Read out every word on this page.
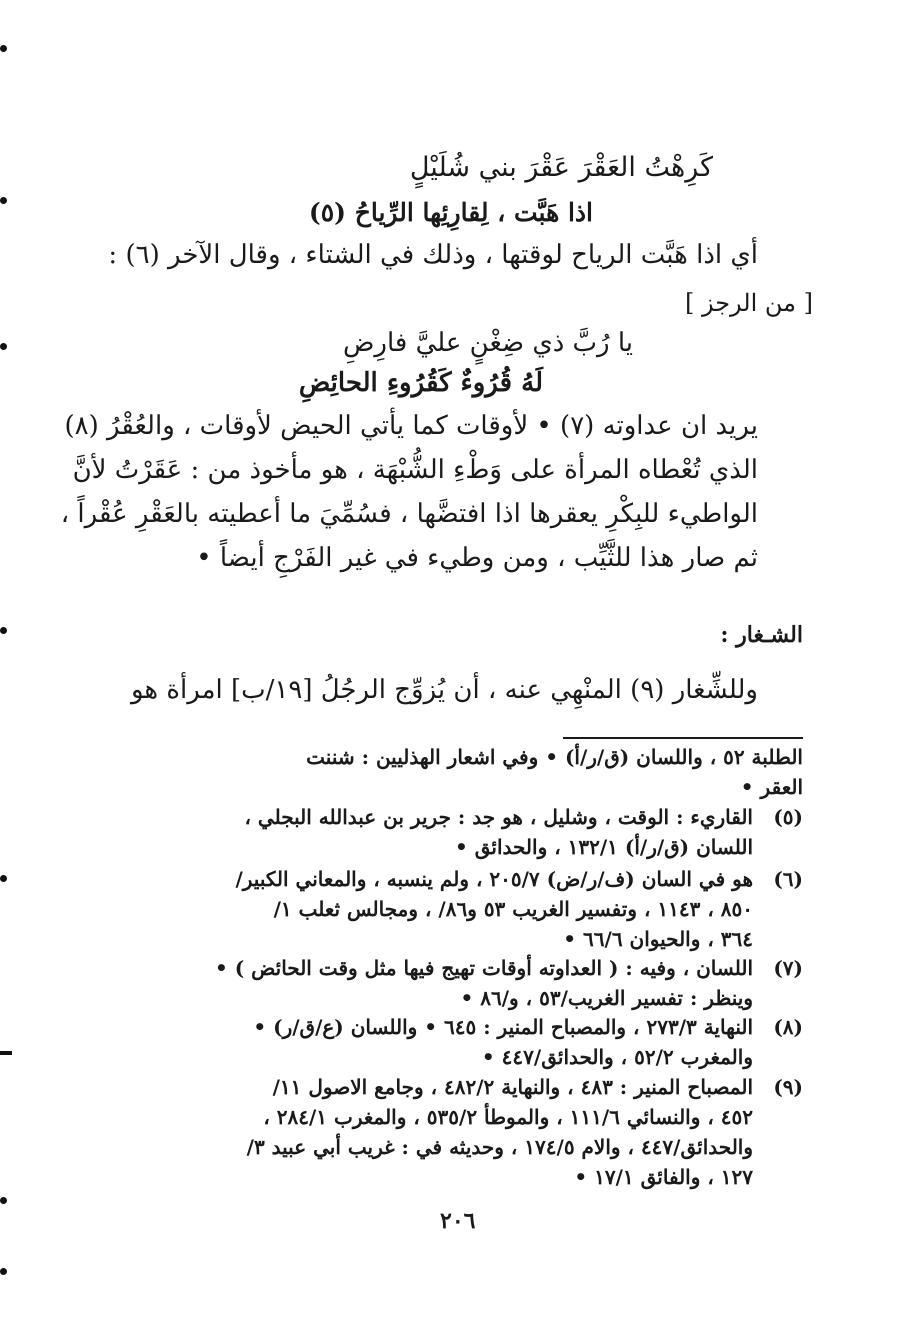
كَرِهْتُ العَقْرَ عَقْرَ بني شُلَيْلٍ
اذا هَبَّت ، لِقارِئِها الرِّياحُ (٥)
أي اذا هَبَّت الرياح لوقتها ، وذلك في الشتاء ، وقال الآخر (٦) :
[ من الرجز ]
يا رُبَّ ذي ضِغْنٍ عليَّ فارِضِ
لَهُ قُرُوءٌ كَقُرُوءِ الحائِضِ
يريد ان عداوته (٧) • لأوقات كما يأتي الحيض لأوقات ، والعُقْرُ (٨)
الذي تُعْطاه المرأة على وَطْءِ الشُّبْهَة ، هو مأخوذ من : عَقَرْتُ لأنَّ
الواطيء للبِكْرِ يعقرها اذا افتضَّها ، فسُمِّيَ ما أعطيته بالعَقْرِ عُقْراً ،
ثم صار هذا للثَّيِّب ، ومن وطيء في غير الفَرْجِ أيضاً •
الشـغار :
وللشِّغار (٩) المنْهِي عنه ، أن يُزوِّج الرجُلُ [١٩/ب] امرأة هو
الطلبة ٥٢ ، واللسان (ق/ر/أ) • وفي اشعار الهذليين : شننت
العقر •
(٥)
القاريء : الوقت ، وشليل ، هو جد : جرير بن عبدالله البجلي ،
اللسان (ق/ر/أ) ١٣٢/١ ، والحدائق •
(٦)
هو في السان (ف/ر/ض) ٢٠٥/٧ ، ولم ينسبه ، والمعاني الكبير/
٨٥٠ ، ١١٤٣ ، وتفسير الغريب ٥٣ و٨٦/ ، ومجالس ثعلب ١/
٣٦٤ ، والحيوان ٦٦/٦ •
(٧)
اللسان ، وفيه : ( العداوته أوقات تهيج فيها مثل وقت الحائض ) •
وينظر : تفسير الغريب/٥٣ ، و/٨٦ •
(٨)
النهاية ٢٧٣/٣ ، والمصباح المنير : ٦٤٥ • واللسان (ع/ق/ر) •
والمغرب ٥٢/٢ ، والحدائق/٤٤٧ •
(٩)
المصباح المنير : ٤٨٣ ، والنهاية ٤٨٢/٢ ، وجامع الاصول ١١/
٤٥٢ ، والنسائي ١١١/٦ ، والموطأ ٥٣٥/٢ ، والمغرب ٢٨٤/١ ،
والحدائق/٤٤٧ ، والام ١٧٤/٥ ، وحديثه في : غريب أبي عبيد ٣/
١٢٧ ، والفائق ١٧/١ •
٢٠٦
